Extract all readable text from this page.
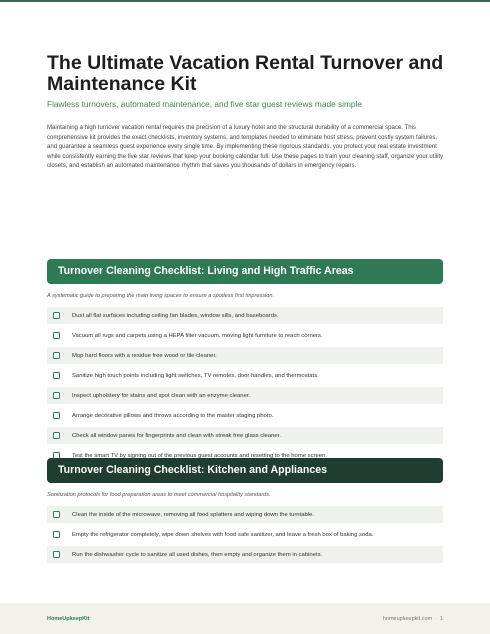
The Ultimate Vacation Rental Turnover and Maintenance Kit
Flawless turnovers, automated maintenance, and five star guest reviews made simple

Maintaining a high turnover vacation rental requires the precision of a luxury hotel and the structural durability of a commercial space. This comprehensive kit provides the exact checklists, inventory systems, and templates needed to eliminate host stress, prevent costly system failures, and guarantee a seamless guest experience every single time. By implementing these rigorous standards, you protect your real estate investment while consistently earning the five star reviews that keep your booking calendar full. Use these pages to train your cleaning staff, organize your utility closets, and establish an automated maintenance rhythm that saves you thousands of dollars in emergency repairs.

Turnover Cleaning Checklist: Living and High Traffic Areas
A systematic guide to preparing the main living spaces to ensure a spotless first impression.
Dust all flat surfaces including ceiling fan blades, window sills, and baseboards.
Vacuum all rugs and carpets using a HEPA filter vacuum, moving light furniture to reach corners.
Mop hard floors with a residue free wood or tile cleaner.
Sanitize high touch points including light switches, TV remotes, door handles, and thermostats.
Inspect upholstery for stains and spot clean with an enzyme cleaner.
Arrange decorative pillows and throws according to the master staging photo.
Check all window panes for fingerprints and clean with streak free glass cleaner.
Test the smart TV by signing out of the previous guest accounts and resetting to the home screen.
Turnover Cleaning Checklist: Kitchen and Appliances
Sanitization protocols for food preparation areas to meet commercial hospitality standards.
Clean the inside of the microwave, removing all food splatters and wiping down the turntable.
Empty the refrigerator completely, wipe down shelves with food safe sanitizer, and leave a fresh box of baking soda.
Run the dishwasher cycle to sanitize all used dishes, then empty and organize them in cabinets.
HomeUpkeepKit	homeupkeepkit.com · 1
